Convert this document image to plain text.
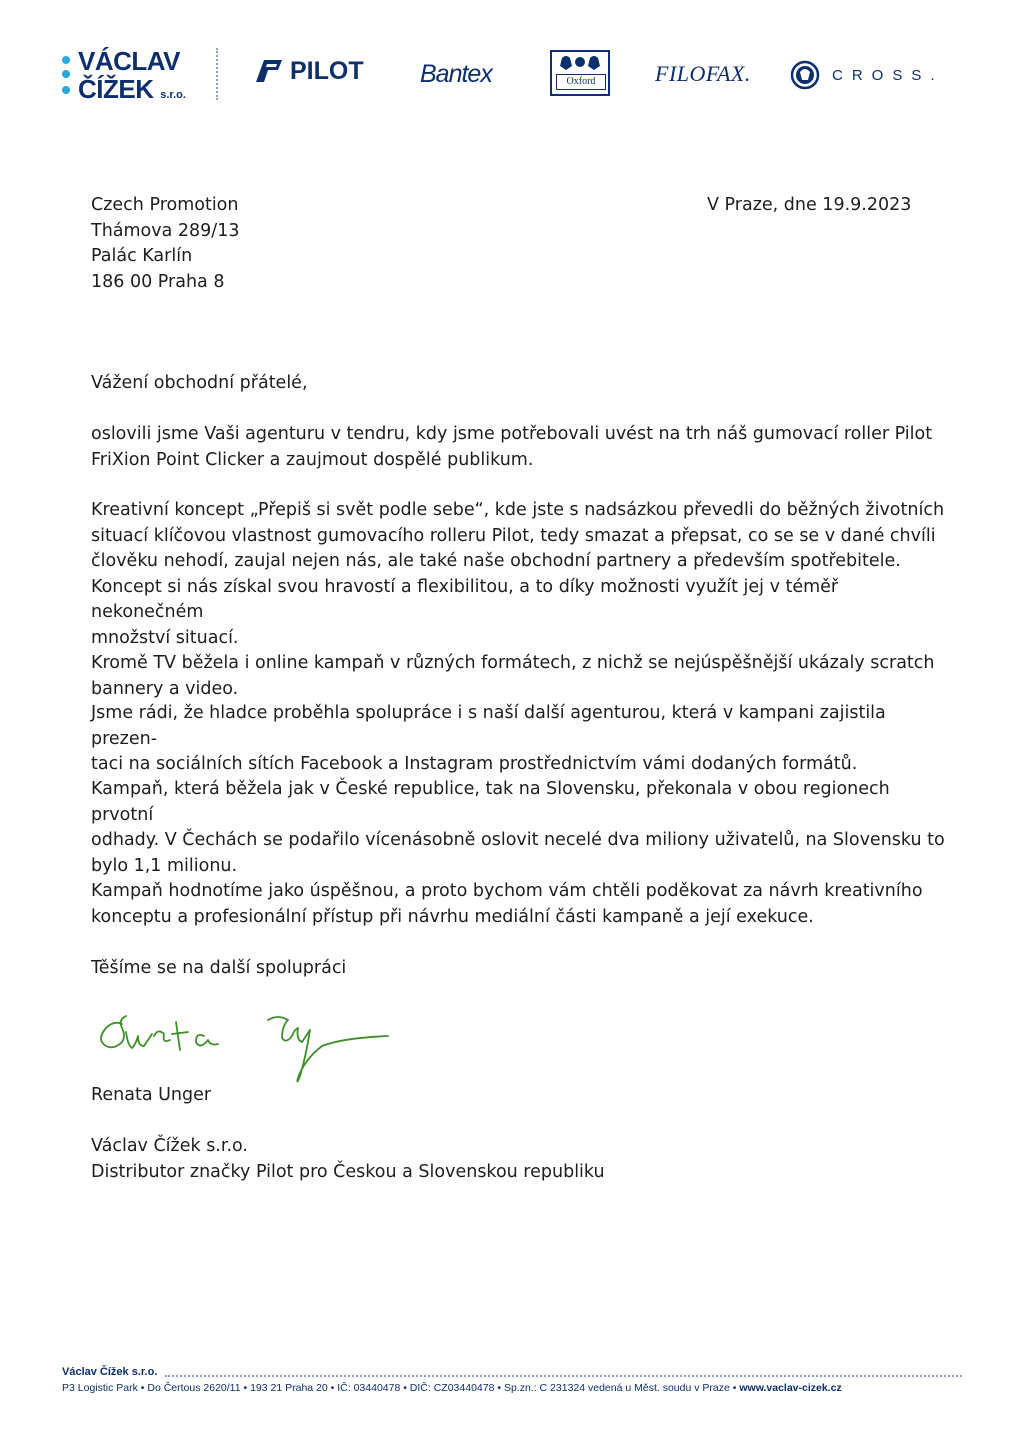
VÁCLAV
ČÍŽEK s.r.o.
PILOT Bantex	Oxford	FILOFAX.	CROSS.
Czech Promotion
Thámova 289/13
Palác Karlín
186 00 Praha 8
V Praze, dne 19.9.2023
Vážení obchodní přátelé,
oslovili jsme Vaši agenturu v tendru, kdy jsme potřebovali uvést na trh náš gumovací roller Pilot
FriXion Point Clicker a zaujmout dospělé publikum.
Kreativní koncept „Přepiš si svět podle sebe“, kde jste s nadsázkou převedli do běžných životních
situací klíčovou vlastnost gumovacího rolleru Pilot, tedy smazat a přepsat, co se se v dané chvíli
člověku nehodí, zaujal nejen nás, ale také naše obchodní partnery a především spotřebitele.
Koncept si nás získal svou hravostí a flexibilitou, a to díky možnosti využít jej v téměř nekonečném
množství situací.
Kromě TV běžela i online kampaň v různých formátech, z nichž se nejúspěšnější ukázaly scratch
bannery a video.
Jsme rádi, že hladce proběhla spolupráce i s naší další agenturou, která v kampani zajistila prezen-
taci na sociálních sítích Facebook a Instagram prostřednictvím vámi dodaných formátů.
Kampaň, která běžela jak v České republice, tak na Slovensku, překonala v obou regionech prvotní
odhady. V Čechách se podařilo vícenásobně oslovit necelé dva miliony uživatelů, na Slovensku to
bylo 1,1 milionu.
Kampaň hodnotíme jako úspěšnou, a proto bychom vám chtěli poděkovat za návrh kreativního
konceptu a profesionální přístup při návrhu mediální části kampaně a její exekuce.
Těšíme se na další spolupráci
Renata Unger
Václav Čížek s.r.o.
Distributor značky Pilot pro Českou a Slovenskou republiku
Václav Čížek s.r.o.
P3 Logistic Park • Do Čertous 2620/11 • 193 21 Praha 20 • IČ: 03440478 • DIČ: CZ03440478 • Sp.zn.: C 231324 vedená u Měst. soudu v Praze • www.vaclav-cizek.cz
